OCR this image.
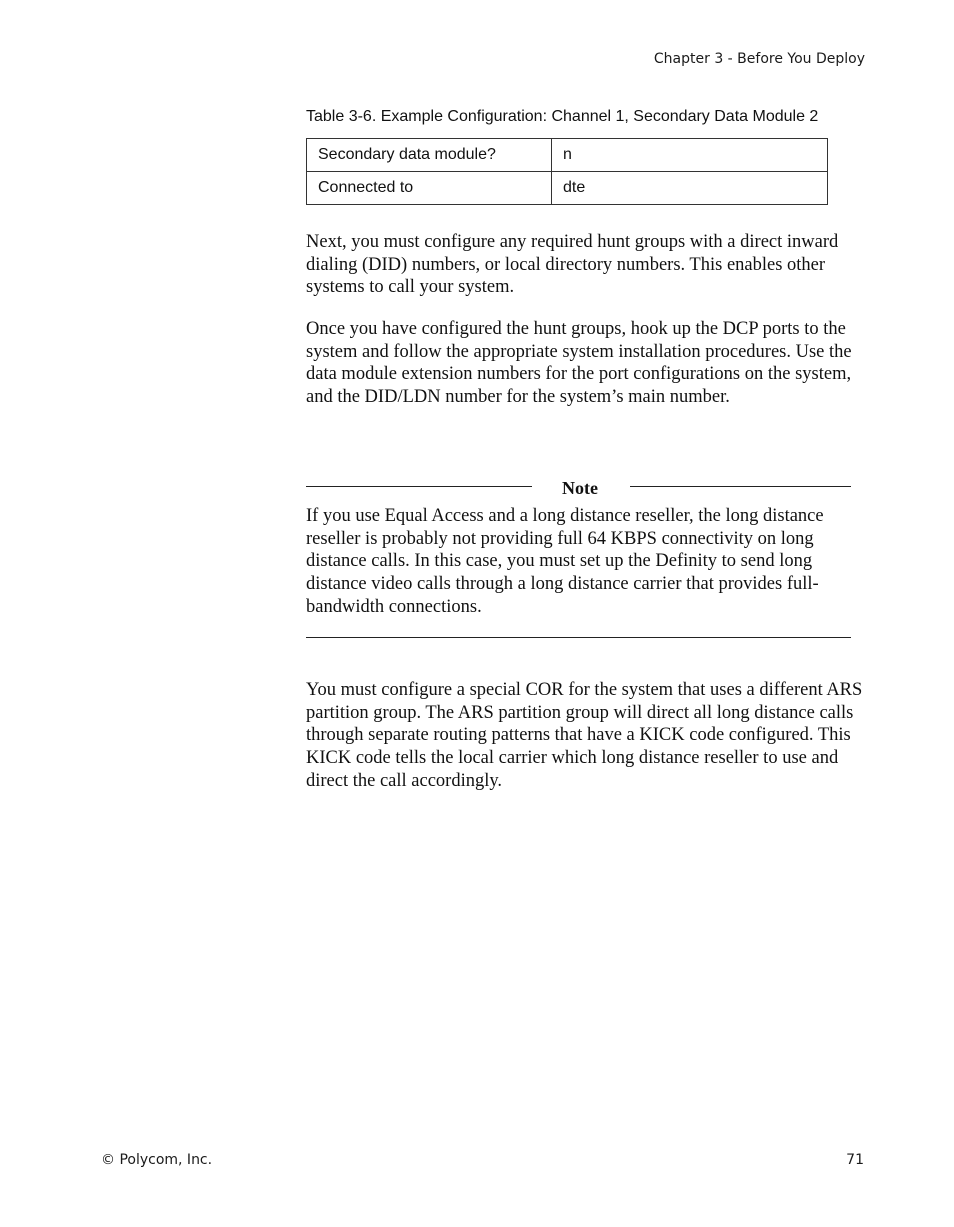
Chapter 3 - Before You Deploy
Table 3-6. Example Configuration: Channel 1, Secondary Data Module 2
Secondary data module?	n
Connected to	dte

Next, you must configure any required hunt groups with a direct inward dialing (DID) numbers, or local directory numbers. This enables other systems to call your system.

Once you have configured the hunt groups, hook up the DCP ports to the system and follow the appropriate system installation procedures. Use the data module extension numbers for the port configurations on the system, and the DID/LDN number for the system’s main number.

Note

If you use Equal Access and a long distance reseller, the long distance reseller is probably not providing full 64 KBPS connectivity on long distance calls. In this case, you must set up the Definity to send long distance video calls through a long distance carrier that provides full-bandwidth connections.

You must configure a special COR for the system that uses a different ARS partition group. The ARS partition group will direct all long distance calls through separate routing patterns that have a KICK code configured. This KICK code tells the local carrier which long distance reseller to use and direct the call accordingly.

© Polycom, Inc.	71
